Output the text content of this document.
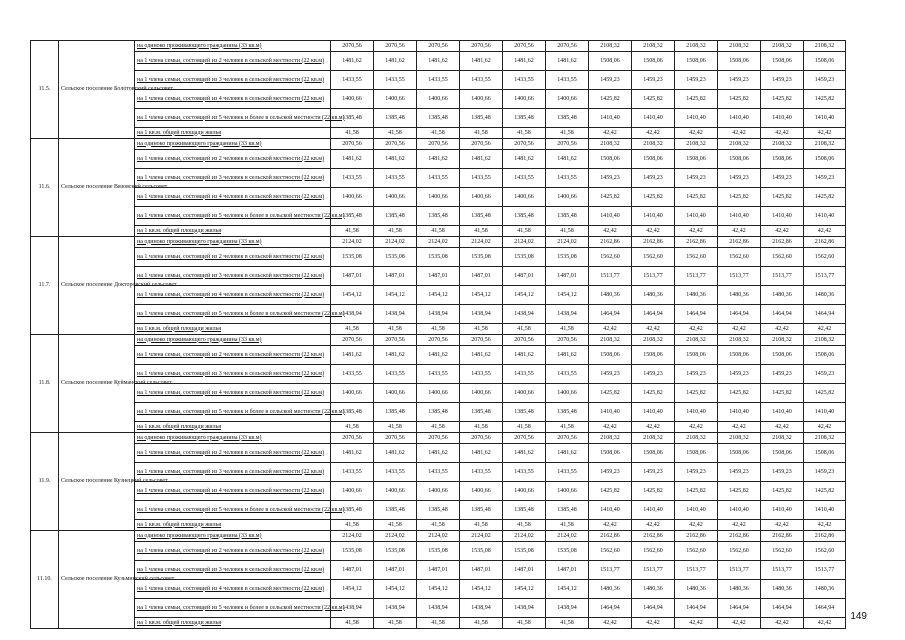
11.5.	Сельское поселение Болотовский сельсовет	на одиноко проживающего гражданина (33 кв.м)	2070,56	2070,56	2070,56	2070,56	2070,56	2070,56	2108,32	2108,32	2108,32	2108,32	2108,32	2108,32
		на 1 члена семьи, состоящей из 2 человек в сельской местности (22 кв.м)	1481,62	1481,62	1481,62	1481,62	1481,62	1481,62	1508,06	1508,06	1508,06	1508,06	1508,06	1508,06
		на 1 члена семьи, состоящей из 3 человек в сельской местности (22 кв.м)	1433,55	1433,55	1433,55	1433,55	1433,55	1433,55	1459,23	1459,23	1459,23	1459,23	1459,23	1459,23
		на 1 члена семьи, состоящей из 4 человек в сельской местности (22 кв.м)	1400,66	1400,66	1400,66	1400,66	1400,66	1400,66	1425,82	1425,82	1425,82	1425,82	1425,82	1425,82
		на 1 члена семьи, состоящей из 5 человек и более в сельской местности (22 кв.м)	1385,48	1385,48	1385,48	1385,48	1385,48	1385,48	1410,40	1410,40	1410,40	1410,40	1410,40	1410,40
		на 1 кв.м. общей площади жилья	41,58	41,58	41,58	41,58	41,58	41,58	42,42	42,42	42,42	42,42	42,42	42,42
11.6.	Сельское поселение Вязовский сельсовет	на одиноко проживающего гражданина (33 кв.м)	2070,56	2070,56	2070,56	2070,56	2070,56	2070,56	2108,32	2108,32	2108,32	2108,32	2108,32	2108,32
		на 1 члена семьи, состоящей из 2 человек в сельской местности (22 кв.м)	1481,62	1481,62	1481,62	1481,62	1481,62	1481,62	1508,06	1508,06	1508,06	1508,06	1508,06	1508,06
		на 1 члена семьи, состоящей из 3 человек в сельской местности (22 кв.м)	1433,55	1433,55	1433,55	1433,55	1433,55	1433,55	1459,23	1459,23	1459,23	1459,23	1459,23	1459,23
		на 1 члена семьи, состоящей из 4 человек в сельской местности (22 кв.м)	1400,66	1400,66	1400,66	1400,66	1400,66	1400,66	1425,82	1425,82	1425,82	1425,82	1425,82	1425,82
		на 1 члена семьи, состоящей из 5 человек и более в сельской местности (22 кв.м)	1385,48	1385,48	1385,48	1385,48	1385,48	1385,48	1410,40	1410,40	1410,40	1410,40	1410,40	1410,40
		на 1 кв.м. общей площади жилья	41,58	41,58	41,58	41,58	41,58	41,58	42,42	42,42	42,42	42,42	42,42	42,42
11.7.	Сельское поселение Докторовский сельсовет	на одиноко проживающего гражданина (33 кв.м)	2124,02	2124,02	2124,02	2124,02	2124,02	2124,02	2162,86	2162,86	2162,86	2162,86	2162,86	2162,86
		на 1 члена семьи, состоящей из 2 человек в сельской местности (22 кв.м)	1535,08	1535,08	1535,08	1535,08	1535,08	1535,08	1562,60	1562,60	1562,60	1562,60	1562,60	1562,60
		на 1 члена семьи, состоящей из 3 человек в сельской местности (22 кв.м)	1487,01	1487,01	1487,01	1487,01	1487,01	1487,01	1513,77	1513,77	1513,77	1513,77	1513,77	1513,77
		на 1 члена семьи, состоящей из 4 человек в сельской местности (22 кв.м)	1454,12	1454,12	1454,12	1454,12	1454,12	1454,12	1480,36	1480,36	1480,36	1480,36	1480,36	1480,36
		на 1 члена семьи, состоящей из 5 человек и более в сельской местности (22 кв.м)	1438,94	1438,94	1438,94	1438,94	1438,94	1438,94	1464,94	1464,94	1464,94	1464,94	1464,94	1464,94
		на 1 кв.м. общей площади жилья	41,58	41,58	41,58	41,58	41,58	41,58	42,42	42,42	42,42	42,42	42,42	42,42
11.8.	Сельское поселение Куйманский сельсовет	на одиноко проживающего гражданина (33 кв.м)	2070,56	2070,56	2070,56	2070,56	2070,56	2070,56	2108,32	2108,32	2108,32	2108,32	2108,32	2108,32
		на 1 члена семьи, состоящей из 2 человек в сельской местности (22 кв.м)	1481,62	1481,62	1481,62	1481,62	1481,62	1481,62	1508,06	1508,06	1508,06	1508,06	1508,06	1508,06
		на 1 члена семьи, состоящей из 3 человек в сельской местности (22 кв.м)	1433,55	1433,55	1433,55	1433,55	1433,55	1433,55	1459,23	1459,23	1459,23	1459,23	1459,23	1459,23
		на 1 члена семьи, состоящей из 4 человек в сельской местности (22 кв.м)	1400,66	1400,66	1400,66	1400,66	1400,66	1400,66	1425,82	1425,82	1425,82	1425,82	1425,82	1425,82
		на 1 члена семьи, состоящей из 5 человек и более в сельской местности (22 кв.м)	1385,48	1385,48	1385,48	1385,48	1385,48	1385,48	1410,40	1410,40	1410,40	1410,40	1410,40	1410,40
		на 1 кв.м. общей площади жилья	41,58	41,58	41,58	41,58	41,58	41,58	42,42	42,42	42,42	42,42	42,42	42,42
11.9.	Сельское поселение Кузнецкий сельсовет	на одиноко проживающего гражданина (33 кв.м)	2070,56	2070,56	2070,56	2070,56	2070,56	2070,56	2108,32	2108,32	2108,32	2108,32	2108,32	2108,32
		на 1 члена семьи, состоящей из 2 человек в сельской местности (22 кв.м)	1481,62	1481,62	1481,62	1481,62	1481,62	1481,62	1508,06	1508,06	1508,06	1508,06	1508,06	1508,06
		на 1 члена семьи, состоящей из 3 человек в сельской местности (22 кв.м)	1433,55	1433,55	1433,55	1433,55	1433,55	1433,55	1459,23	1459,23	1459,23	1459,23	1459,23	1459,23
		на 1 члена семьи, состоящей из 4 человек в сельской местности (22 кв.м)	1400,66	1400,66	1400,66	1400,66	1400,66	1400,66	1425,82	1425,82	1425,82	1425,82	1425,82	1425,82
		на 1 члена семьи, состоящей из 5 человек и более в сельской местности (22 кв.м)	1385,48	1385,48	1385,48	1385,48	1385,48	1385,48	1410,40	1410,40	1410,40	1410,40	1410,40	1410,40
		на 1 кв.м. общей площади жилья	41,58	41,58	41,58	41,58	41,58	41,58	42,42	42,42	42,42	42,42	42,42	42,42
11.10.	Сельское поселение Кузьминский сельсовет	на одиноко проживающего гражданина (33 кв.м)	2124,02	2124,02	2124,02	2124,02	2124,02	2124,02	2162,86	2162,86	2162,86	2162,86	2162,86	2162,86
		на 1 члена семьи, состоящей из 2 человек в сельской местности (22 кв.м)	1535,08	1535,08	1535,08	1535,08	1535,08	1535,08	1562,60	1562,60	1562,60	1562,60	1562,60	1562,60
		на 1 члена семьи, состоящей из 3 человек в сельской местности (22 кв.м)	1487,01	1487,01	1487,01	1487,01	1487,01	1487,01	1513,77	1513,77	1513,77	1513,77	1513,77	1513,77
		на 1 члена семьи, состоящей из 4 человек в сельской местности (22 кв.м)	1454,12	1454,12	1454,12	1454,12	1454,12	1454,12	1480,36	1480,36	1480,36	1480,36	1480,36	1480,36
		на 1 члена семьи, состоящей из 5 человек и более в сельской местности (22 кв.м)	1438,94	1438,94	1438,94	1438,94	1438,94	1438,94	1464,94	1464,94	1464,94	1464,94	1464,94	1464,94
		на 1 кв.м. общей площади жилья	41,58	41,58	41,58	41,58	41,58	41,58	42,42	42,42	42,42	42,42	42,42	42,42
149
